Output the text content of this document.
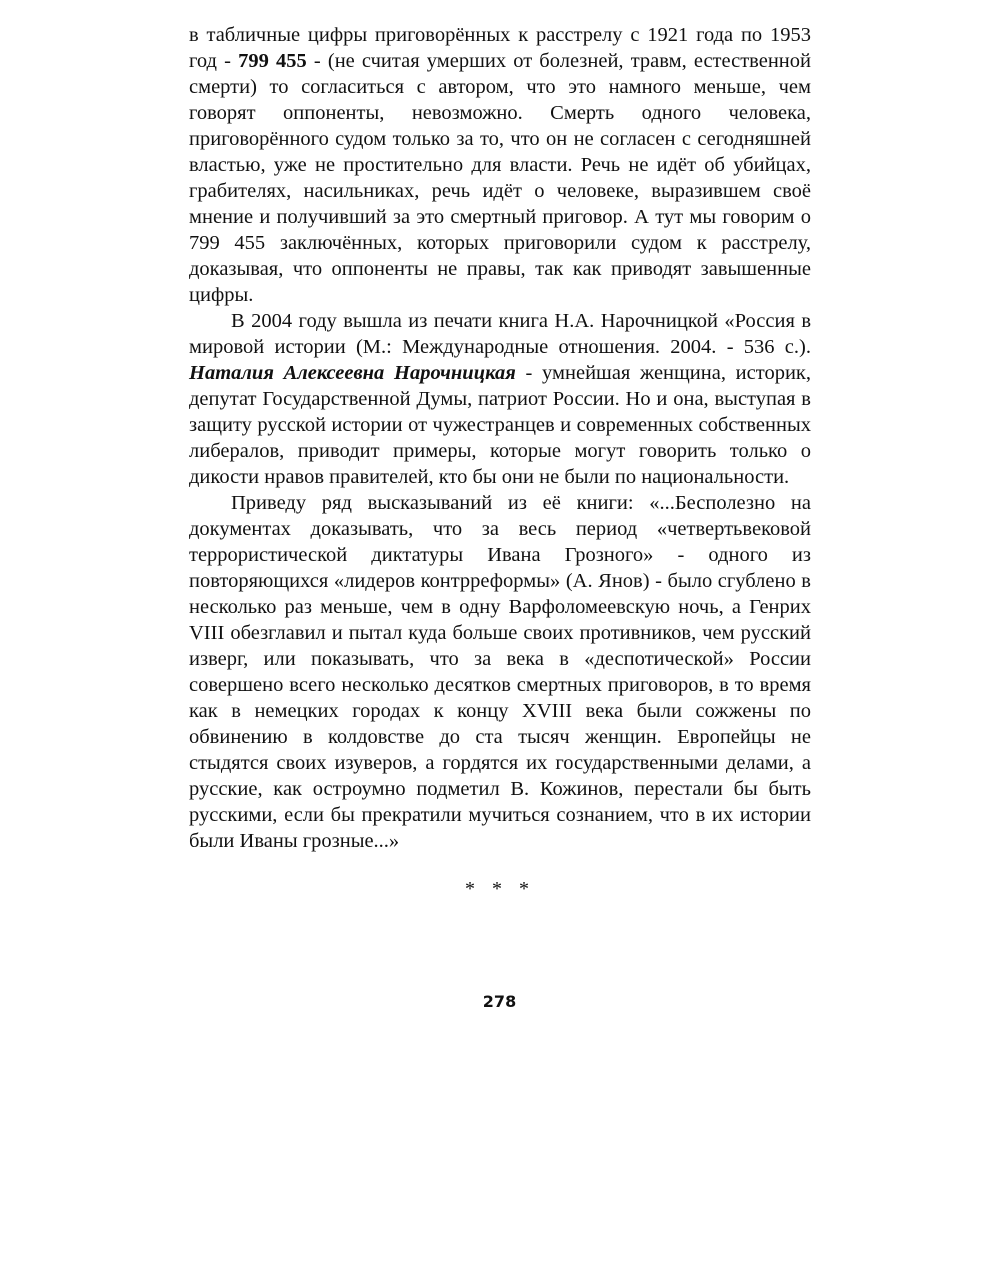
в табличные цифры приговорённых к расстрелу с 1921 года по 1953 год - 799 455 - (не считая умерших от болезней, травм, естественной смерти) то согласиться с автором, что это намного меньше, чем говорят оппоненты, невозможно. Смерть одного человека, приговорённого судом только за то, что он не согласен с сегодняшней властью, уже не простительно для власти. Речь не идёт об убийцах, грабителях, насильниках, речь идёт о человеке, выразившем своё мнение и получивший за это смертный приговор. А тут мы говорим о 799 455 заключённых, которых приговорили судом к расстрелу, доказывая, что оппоненты не правы, так как приводят завышенные цифры.

В 2004 году вышла из печати книга Н.А. Нарочницкой «Россия в мировой истории (М.: Международные отношения. 2004. - 536 с.). Наталия Алексеевна Нарочницкая - умнейшая женщина, историк, депутат Государственной Думы, патриот России. Но и она, выступая в защиту русской истории от чужестранцев и современных собственных либералов, приводит примеры, которые могут говорить только о дикости нравов правителей, кто бы они не были по национальности.

Приведу ряд высказываний из её книги: «...Бесполезно на документах доказывать, что за весь период «четвертьвековой террористической диктатуры Ивана Грозного» - одного из повторяющихся «лидеров контрреформы» (А. Янов) - было сгублено в несколько раз меньше, чем в одну Варфоломеевскую ночь, а Генрих VIII обезглавил и пытал куда больше своих противников, чем русский изверг, или показывать, что за века в «деспотической» России совершено всего несколько десятков смертных приговоров, в то время как в немецких городах к концу XVIII века были сожжены по обвинению в колдовстве до ста тысяч женщин. Европейцы не стыдятся своих изуверов, а гордятся их государственными делами, а русские, как остроумно подметил В. Кожинов, перестали бы быть русскими, если бы прекратили мучиться сознанием, что в их истории были Иваны грозные...»

* * *
278
